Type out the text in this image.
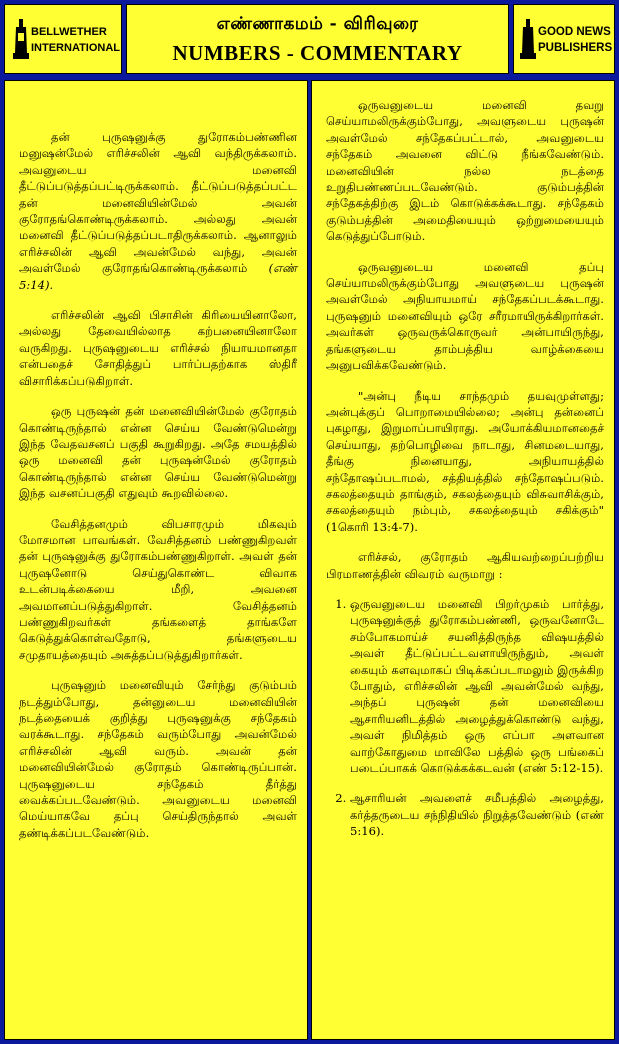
BELLWETHER
INTERNATIONAL
எண்ணாகமம் - விரிவுரை
NUMBERS - COMMENTARY
GOOD NEWS
PUBLISHERS

தன் புருஷனுக்கு துரோகம்பண்ணின மனுஷன்மேல் எரிச்சலின் ஆவி வந்திருக்கலாம். அவனுடைய மனைவி தீட்டுப்படுத்தப்பட்டிருக்கலாம். தீட்டுப்படுத்தப்பட்ட தன் மனைவியின்மேல் அவன் குரோதங்கொண்டிருக்கலாம். அல்லது அவன் மனைவி தீட்டுப்படுத்தப்படாதிருக்கலாம். ஆனாலும் எரிச்சலின் ஆவி அவன்மேல் வந்து, அவன் அவள்மேல் குரோதங்கொண்டிருக்கலாம் (எண் 5:14).

எரிச்சலின் ஆவி பிசாசின் கிரியையினாலோ, அல்லது தேவையில்லாத கற்பனையினாலோ வருகிறது. புருஷனுடைய எரிச்சல் நியாயமானதா என்பதைச் சோதித்துப் பார்ப்பதற்காக ஸ்திரீ விசாரிக்கப்படுகிறாள்.

ஒரு புருஷன் தன் மனைவியின்மேல் குரோதம் கொண்டிருந்தால் என்ன செய்ய வேண்டுமென்று இந்த வேதவசனப் பகுதி கூறுகிறது. அதே சமயத்தில் ஒரு மனைவி தன் புருஷன்மேல் குரோதம் கொண்டிருந்தால் என்ன செய்ய வேண்டுமென்று இந்த வசனப்பகுதி எதுவும் கூறவில்லை.

வேசித்தனமும் விபசாரமும் மிகவும் மோசமான பாவங்கள். வேசித்தனம் பண்ணுகிறவள் தன் புருஷனுக்கு துரோகம்பண்ணுகிறாள். அவள் தன் புருஷனோடு செய்துகொண்ட விவாக உடன்படிக்கையை மீறி, அவனை அவமானப்படுத்துகிறாள். வேசித்தனம் பண்ணுகிறவர்கள் தங்களைத் தாங்களே கெடுத்துக்கொள்வதோடு, தங்களுடைய சமுதாயத்தையும் அசுத்தப்படுத்துகிறார்கள்.

புருஷனும் மனைவியும் சேர்ந்து குடும்பம் நடத்தும்போது, தன்னுடைய மனைவியின் நடத்தையைக் குறித்து புருஷனுக்கு சந்தேகம் வரக்கூடாது. சந்தேகம் வரும்போது அவன்மேல் எரிச்சலின் ஆவி வரும். அவன் தன் மனைவியின்மேல் குரோதம் கொண்டிருப்பான். புருஷனுடைய சந்தேகம் தீர்த்து வைக்கப்படவேண்டும். அவனுடைய மனைவி மெய்யாகவே தப்பு செய்திருந்தால் அவள் தண்டிக்கப்படவேண்டும்.

ஒருவனுடைய மனைவி தவறு செய்யாமலிருக்கும்போது, அவளுடைய புருஷன் அவள்மேல் சந்தேகப்பட்டால், அவனுடைய சந்தேகம் அவனை விட்டு நீங்கவேண்டும். மனைவியின் நல்ல நடத்தை உறுதிபண்ணப்படவேண்டும். குடும்பத்தின் சந்தேகத்திற்கு இடம் கொடுக்கக்கூடாது. சந்தேகம் குடும்பத்தின் அமைதியையும் ஒற்றுமையையும் கெடுத்துப்போடும்.

ஒருவனுடைய மனைவி தப்பு செய்யாமலிருக்கும்போது அவளுடைய புருஷன் அவள்மேல் அநியாயமாய் சந்தேகப்படக்கூடாது. புருஷனும் மனைவியும் ஒரே சரீரமாயிருக்கிறார்கள். அவர்கள் ஒருவருக்கொருவர் அன்பாயிருந்து, தங்களுடைய தாம்பத்திய வாழ்க்கையை அனுபவிக்கவேண்டும்.

"அன்பு நீடிய சாந்தமும் தயவுமுள்ளது; அன்புக்குப் பொறாமையில்லை; அன்பு தன்னைப் புகழாது, இறுமாப்பாயிராது. அயோக்கியமானதைச் செய்யாது, தற்பொழிவை நாடாது, சினமடையாது, தீங்கு நினையாது, அநியாயத்தில் சந்தோஷப்படாமல், சத்தியத்தில் சந்தோஷப்படும். சகலத்தையும் தாங்கும், சகலத்தையும் விசுவாசிக்கும், சகலத்தையும் நம்பும், சகலத்தையும் சகிக்கும்" (1கொரி 13:4-7).

எரிச்சல், குரோதம் ஆகியவற்றைப்பற்றிய பிரமாணத்தின் விவரம் வருமாறு :

1. ஒருவனுடைய மனைவி பிறர்முகம் பார்த்து, புருஷனுக்குத் துரோகம்பண்ணி, ஒருவனோடே சம்போகமாய்ச் சயனித்திருந்த விஷயத்தில் அவள் தீட்டுப்பட்டவளாயிருந்தும், அவள் கையும் களவுமாகப் பிடிக்கப்படாமலும் இருக்கிற போதும், எரிச்சலின் ஆவி அவன்மேல் வந்து, அந்தப் புருஷன் தன் மனைவியை ஆசாரியனிடத்தில் அழைத்துக்கொண்டு வந்து, அவள் நிமித்தம் ஒரு எப்பா அளவான வாற்கோதுமை மாவிலே பத்தில் ஒரு பங்கைப் படைப்பாகக் கொடுக்கக்கடவன் (எண் 5:12-15).
2. ஆசாரியன் அவளைச் சமீபத்தில் அழைத்து, கர்த்தருடைய சந்நிதியில் நிறுத்தவேண்டும் (எண் 5:16).
